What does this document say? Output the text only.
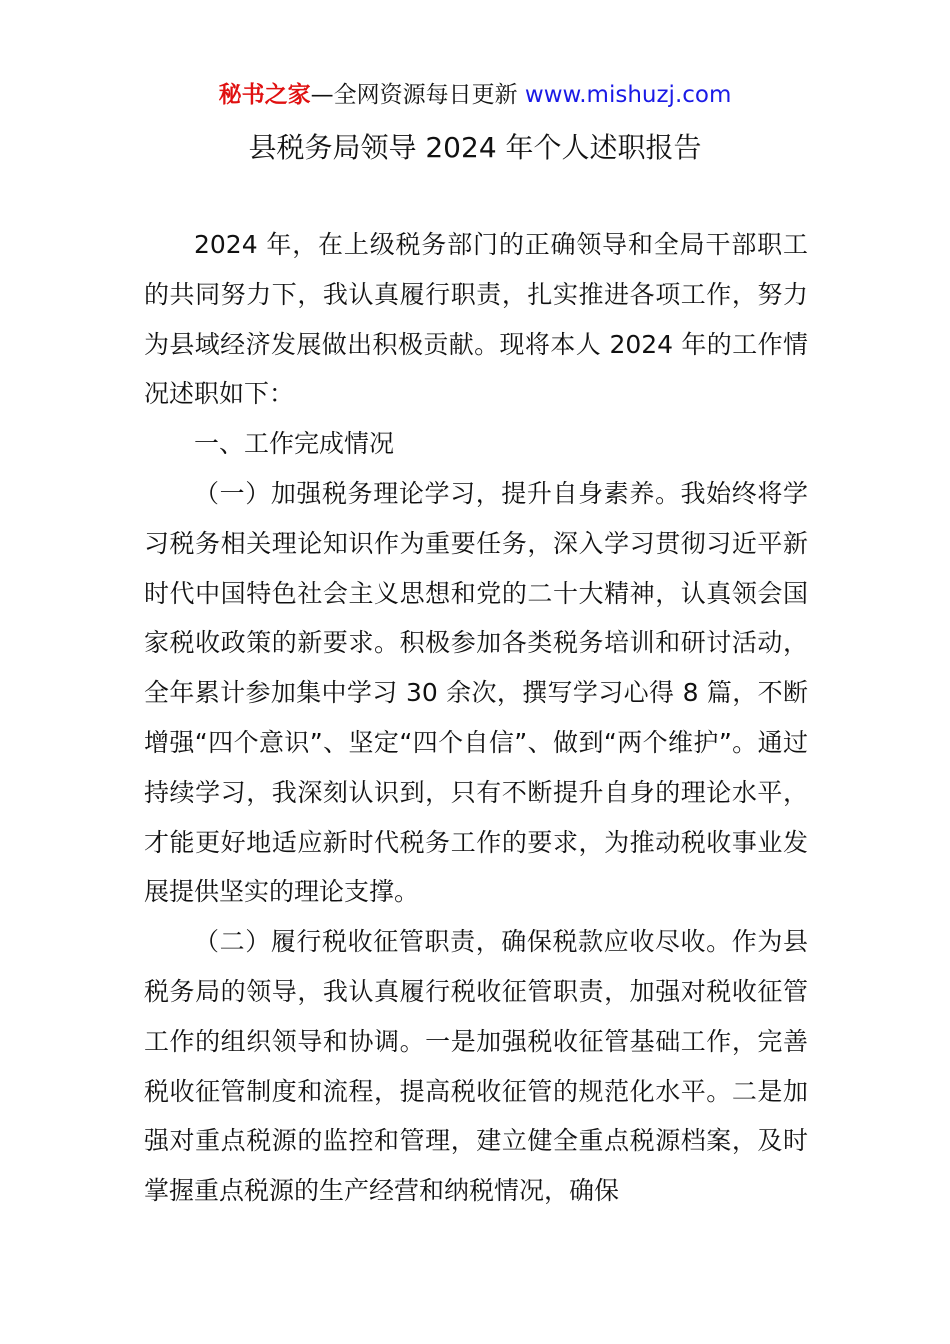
秘书之家—全网资源每日更新 www.mishuzj.com
县税务局领导 2024 年个人述职报告

2024 年，在上级税务部门的正确领导和全局干部职工的共同努力下，我认真履行职责，扎实推进各项工作，努力为县域经济发展做出积极贡献。现将本人 2024 年的工作情况述职如下：

一、工作完成情况

（一）加强税务理论学习，提升自身素养。我始终将学习税务相关理论知识作为重要任务，深入学习贯彻习近平新时代中国特色社会主义思想和党的二十大精神，认真领会国家税收政策的新要求。积极参加各类税务培训和研讨活动，全年累计参加集中学习 30 余次，撰写学习心得 8 篇，不断增强“四个意识”、坚定“四个自信”、做到“两个维护”。通过持续学习，我深刻认识到，只有不断提升自身的理论水平，才能更好地适应新时代税务工作的要求，为推动税收事业发展提供坚实的理论支撑。

（二）履行税收征管职责，确保税款应收尽收。作为县税务局的领导，我认真履行税收征管职责，加强对税收征管工作的组织领导和协调。一是加强税收征管基础工作，完善税收征管制度和流程，提高税收征管的规范化水平。二是加强对重点税源的监控和管理，建立健全重点税源档案，及时掌握重点税源的生产经营和纳税情况，确保
